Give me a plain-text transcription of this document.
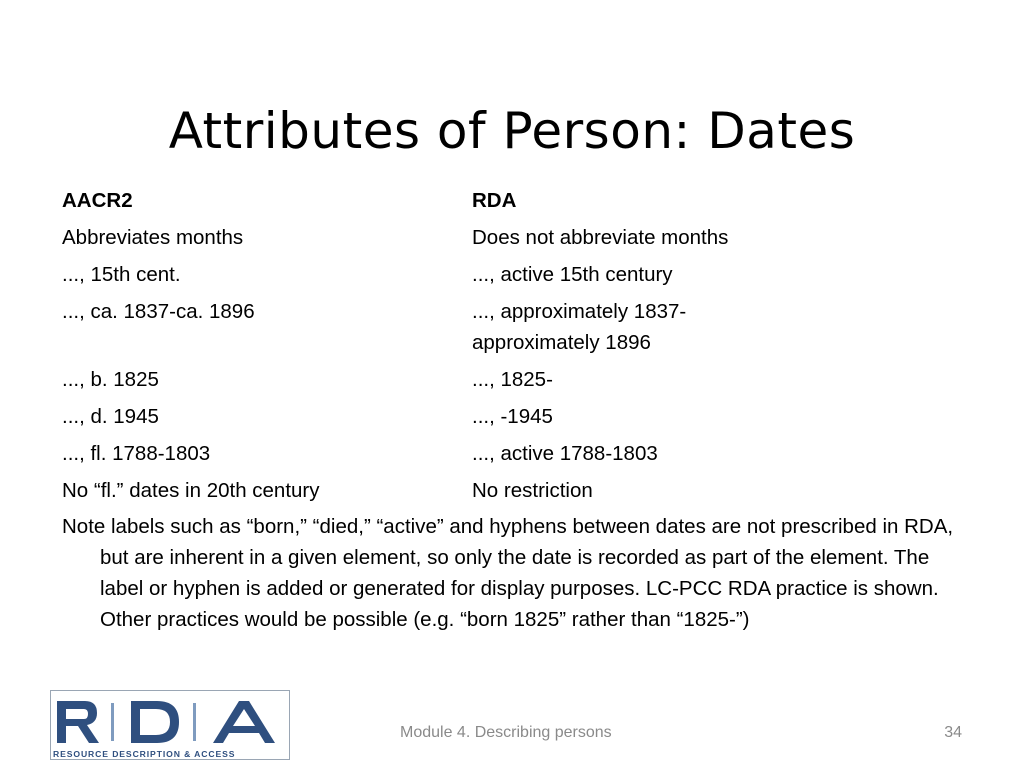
Attributes of Person: Dates
AACR2	RDA
Abbreviates months	Does not abbreviate months
..., 15th cent.	..., active 15th century
..., ca. 1837-ca. 1896	..., approximately 1837-
approximately 1896
..., b. 1825	..., 1825-
..., d. 1945	..., -1945
..., fl. 1788-1803	..., active 1788-1803
No “fl.” dates in 20th century	No restriction
Note labels such as “born,” “died,” “active” and hyphens between dates are not prescribed in RDA, but are inherent in a given element, so only the date is recorded as part of the element. The label or hyphen is added or generated for display purposes. LC-PCC RDA practice is shown. Other practices would be possible (e.g. “born 1825” rather than “1825-”)
RESOURCE DESCRIPTION & ACCESS
Module 4. Describing persons	34
